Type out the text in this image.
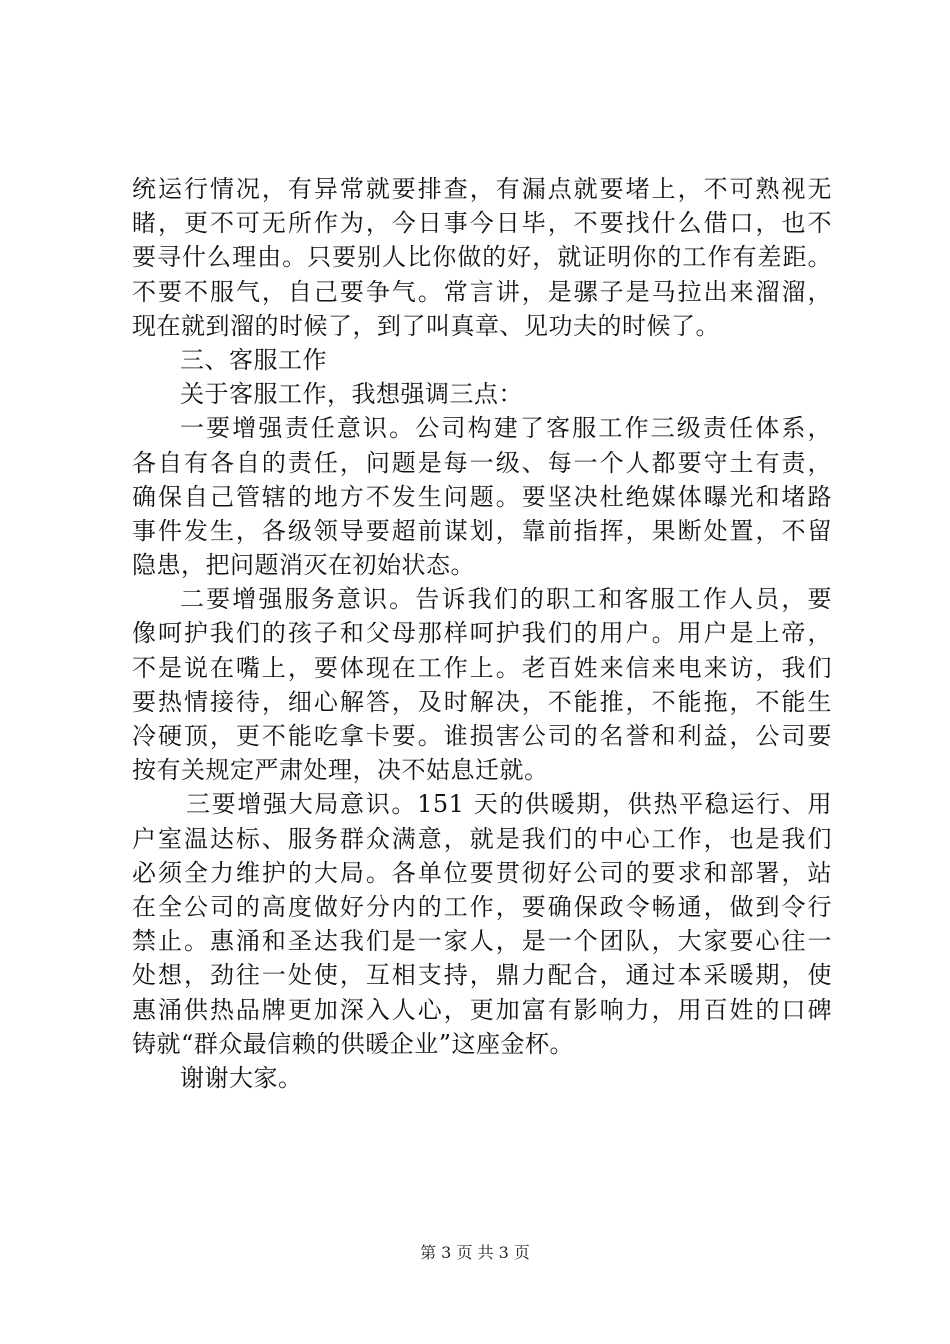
统运行情况，有异常就要排查，有漏点就要堵上，不可熟视无
睹，更不可无所作为，今日事今日毕，不要找什么借口，也不
要寻什么理由。只要别人比你做的好，就证明你的工作有差距。
不要不服气，自己要争气。常言讲，是骡子是马拉出来溜溜，
现在就到溜的时候了，到了叫真章、见功夫的时候了。
三、客服工作
关于客服工作，我想强调三点：
一要增强责任意识。公司构建了客服工作三级责任体系，
各自有各自的责任，问题是每一级、每一个人都要守土有责，
确保自己管辖的地方不发生问题。要坚决杜绝媒体曝光和堵路
事件发生，各级领导要超前谋划，靠前指挥，果断处置，不留
隐患，把问题消灭在初始状态。
二要增强服务意识。告诉我们的职工和客服工作人员，要
像呵护我们的孩子和父母那样呵护我们的用户。用户是上帝，
不是说在嘴上，要体现在工作上。老百姓来信来电来访，我们
要热情接待，细心解答，及时解决，不能推，不能拖，不能生
冷硬顶，更不能吃拿卡要。谁损害公司的名誉和利益，公司要
按有关规定严肃处理，决不姑息迁就。
三要增强大局意识。151 天的供暖期，供热平稳运行、用
户室温达标、服务群众满意，就是我们的中心工作，也是我们
必须全力维护的大局。各单位要贯彻好公司的要求和部署，站
在全公司的高度做好分内的工作，要确保政令畅通，做到令行
禁止。惠涌和圣达我们是一家人，是一个团队，大家要心往一
处想，劲往一处使，互相支持，鼎力配合，通过本采暖期，使
惠涌供热品牌更加深入人心，更加富有影响力，用百姓的口碑
铸就“群众最信赖的供暖企业”这座金杯。
谢谢大家。
第 3 页 共 3 页
